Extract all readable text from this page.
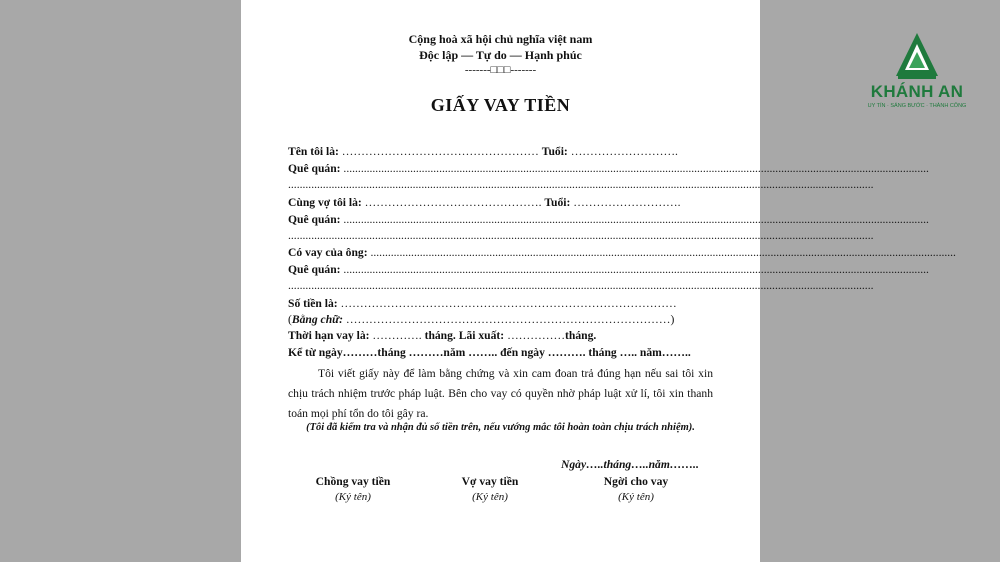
Cộng hoà xã hội chủ nghĩa việt nam
Độc lập — Tự do — Hạnh phúc
-------□□□-------
GIẤY VAY TIỀN
Tên tôi là: …………………………………………… Tuổi: ……………………….
Quê quán: ..........................................................................................................................................................................................................
..........................................................................................................................................................................................................
Cùng vợ tôi là: ………………………………………. Tuổi: ……………………….
Quê quán: ..........................................................................................................................................................................................................
..........................................................................................................................................................................................................
Có vay của ông: ..........................................................................................................................................................................................................
Quê quán: ..........................................................................................................................................................................................................
..........................................................................................................................................................................................................
Số tiền là: ……………………………………………………………………………
(Bằng chữ: …………………………………………………………………………)
Thời hạn vay là: …………. tháng. Lãi xuất: ……………tháng.
Kể từ ngày………tháng ………năm …….. đến ngày ………. tháng ….. năm……..
Tôi viết giấy này để làm bằng chứng và xin cam đoan trả đúng hạn nếu sai tôi xin chịu trách nhiệm trước pháp luật. Bên cho vay có quyền nhờ pháp luật xử lí, tôi xin thanh toán mọi phí tổn do tôi gây ra.
(Tôi đã kiểm tra và nhận đủ số tiền trên, nếu vướng mắc tôi hoàn toàn chịu trách nhiệm).
Ngày…..tháng…..năm……..
Chồng vay tiền
(Ký tên)
Vợ vay tiền
(Ký tên)
Ngời cho vay
(Ký tên)
KHÁNH AN
UY TÍN · SÁNG BƯỚC · THÀNH CÔNG
